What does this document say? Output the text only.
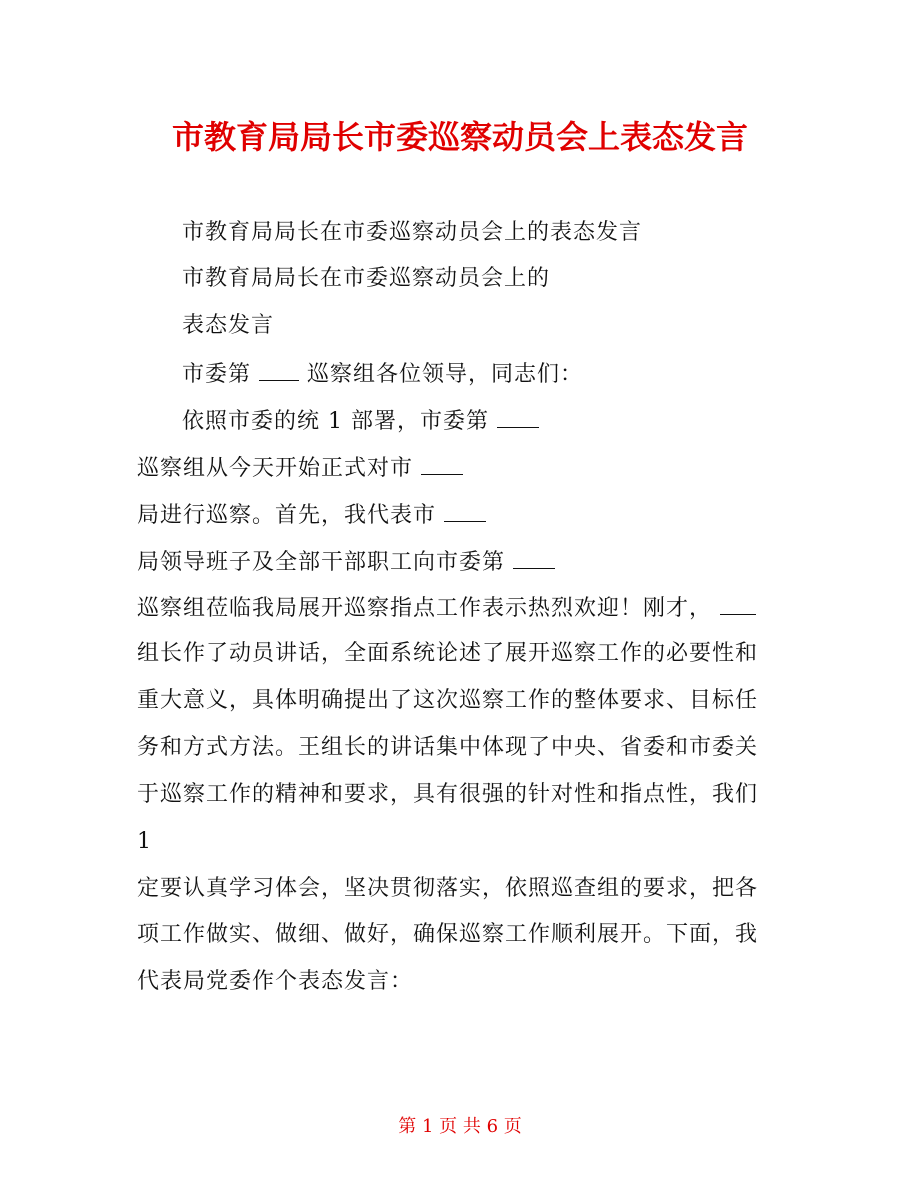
市教育局局长市委巡察动员会上表态发言
市教育局局长在市委巡察动员会上的表态发言
市教育局局长在市委巡察动员会上的
表态发言
市委第	巡察组各位领导，同志们：
依照市委的统 1 部署，市委第
巡察组从今天开始正式对市
局进行巡察。首先，我代表市
局领导班子及全部干部职工向市委第
巡察组莅临我局展开巡察指点工作表示热烈欢迎！刚才，
组长作了动员讲话，全面系统论述了展开巡察工作的必要性和
重大意义，具体明确提出了这次巡察工作的整体要求、目标任
务和方式方法。王组长的讲话集中体现了中央、省委和市委关
于巡察工作的精神和要求，具有很强的针对性和指点性，我们
1
定要认真学习体会，坚决贯彻落实，依照巡查组的要求，把各
项工作做实、做细、做好，确保巡察工作顺利展开。下面，我
代表局党委作个表态发言：
第 1 页 共 6 页
